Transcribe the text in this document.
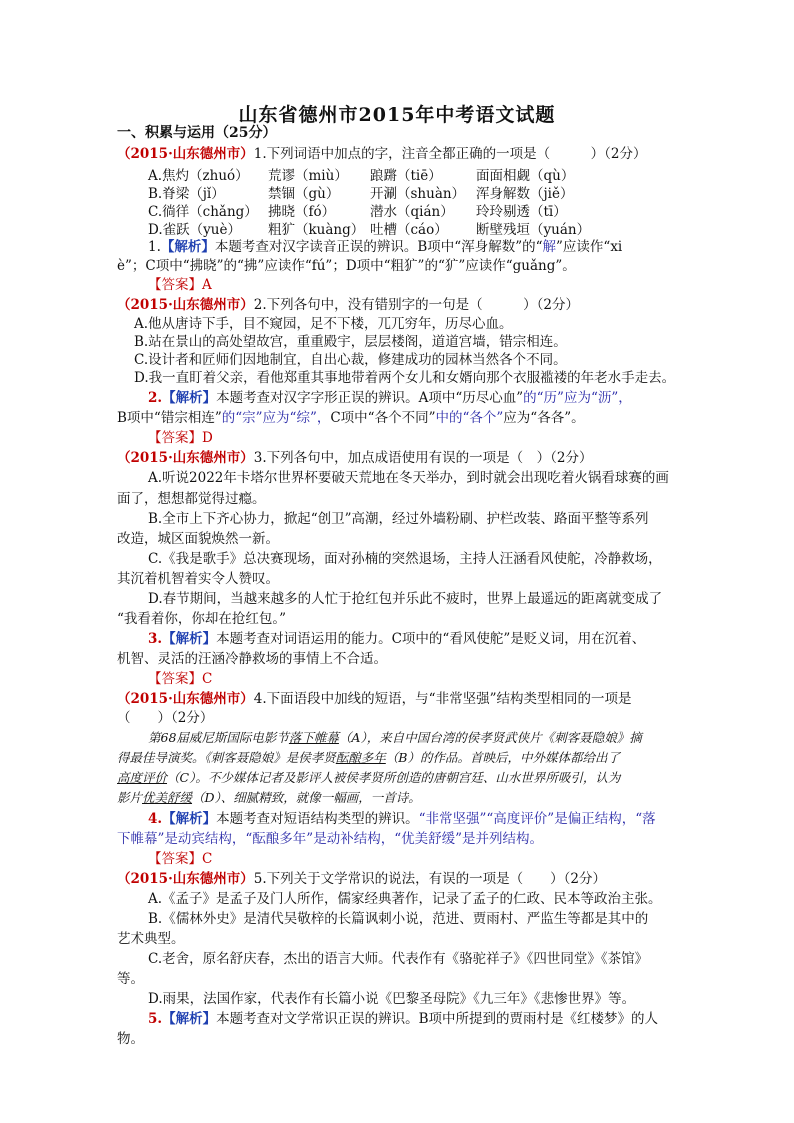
山东省德州市2015年中考语文试题
一、积累与运用（25分）
（2015·山东德州市）1.下列词语中加点的字，注音全都正确的一项是（　　　）（2分）
A.焦灼（zhuó） 荒谬（miù） 踉蹡（tiē）	面面相觑（qù）
B.脊梁（jǐ）	禁锢（gù） 开涮（shuàn） 浑身解数（jiě）
C.徜徉（chǎng） 拂晓（fó）	潜水（qián） 玲玲剔透（tī）
D.雀跃（yuè） 粗犷（kuàng） 吐槽（cáo） 断壁残垣（yuán）
1.【解析】本题考查对汉字读音正误的辨识。B项中“浑身解数”的“解”应读作“xi
è”；C项中“拂晓”的“拂”应读作“fú”；D项中“粗犷”的“犷”应读作“guǎng”。
【答案】A
（2015·山东德州市）2.下列各句中，没有错别字的一句是（　　　）（2分）
A.他从唐诗下手，目不窥园，足不下楼，兀兀穷年，历尽心血。
B.站在景山的高处望故宫，重重殿宇，层层楼阁，道道宫墙，错宗相连。
C.设计者和匠师们因地制宜，自出心裁，修建成功的园林当然各个不同。
D.我一直盯着父亲，看他郑重其事地带着两个女儿和女婿向那个衣服褴褛的年老水手走去。
2.【解析】本题考查对汉字字形正误的辨识。A项中“历尽心血”的“历”应为“沥”，
B项中“错宗相连”的“宗”应为“综”，C项中“各个不同”中的“各个”应为“各各”。
【答案】D
（2015·山东德州市）3.下列各句中，加点成语使用有误的一项是（　）（2分）
A.听说2022年卡塔尔世界杯要破天荒地在冬天举办，到时就会出现吃着火锅看球赛的画
面了，想想都觉得过瘾。
B.全市上下齐心协力，掀起“创卫”高潮，经过外墙粉刷、护栏改装、路面平整等系列
改造，城区面貌焕然一新。
C.《我是歌手》总决赛现场，面对孙楠的突然退场，主持人汪涵看风使舵，冷静救场，
其沉着机智着实令人赞叹。
D.春节期间，当越来越多的人忙于抢红包并乐此不疲时，世界上最遥远的距离就变成了
“我看着你，你却在抢红包。”
3.【解析】本题考查对词语运用的能力。C项中的“看风使舵”是贬义词，用在沉着、
机智、灵活的汪涵冷静救场的事情上不合适。
【答案】C
（2015·山东德州市）4.下面语段中加线的短语，与“非常坚强”结构类型相同的一项是
（　　）（2分）
第68届威尼斯国际电影节落下帷幕（A），来自中国台湾的侯孝贤武侠片《刺客聂隐娘》摘
得最佳导演奖。《刺客聂隐娘》是侯孝贤酝酿多年（B）的作品。首映后，中外媒体都给出了
高度评价（C）。不少媒体记者及影评人被侯孝贤所创造的唐朝宫廷、山水世界所吸引，认为
影片优美舒缓（D）、细腻精致，就像一幅画，一首诗。
4.【解析】本题考查对短语结构类型的辨识。“非常坚强”“高度评价”是偏正结构，“落
下帷幕”是动宾结构，“酝酿多年”是动补结构，“优美舒缓”是并列结构。
【答案】C
（2015·山东德州市）5.下列关于文学常识的说法，有误的一项是（　　）（2分）
A.《孟子》是孟子及门人所作，儒家经典著作，记录了孟子的仁政、民本等政治主张。
B.《儒林外史》是清代吴敬梓的长篇讽刺小说，范进、贾雨村、严监生等都是其中的
艺术典型。
C.老舍，原名舒庆春，杰出的语言大师。代表作有《骆驼祥子》《四世同堂》《茶馆》
等。
D.雨果，法国作家，代表作有长篇小说《巴黎圣母院》《九三年》《悲惨世界》等。
5.【解析】本题考查对文学常识正误的辨识。B项中所提到的贾雨村是《红楼梦》的人
物。
